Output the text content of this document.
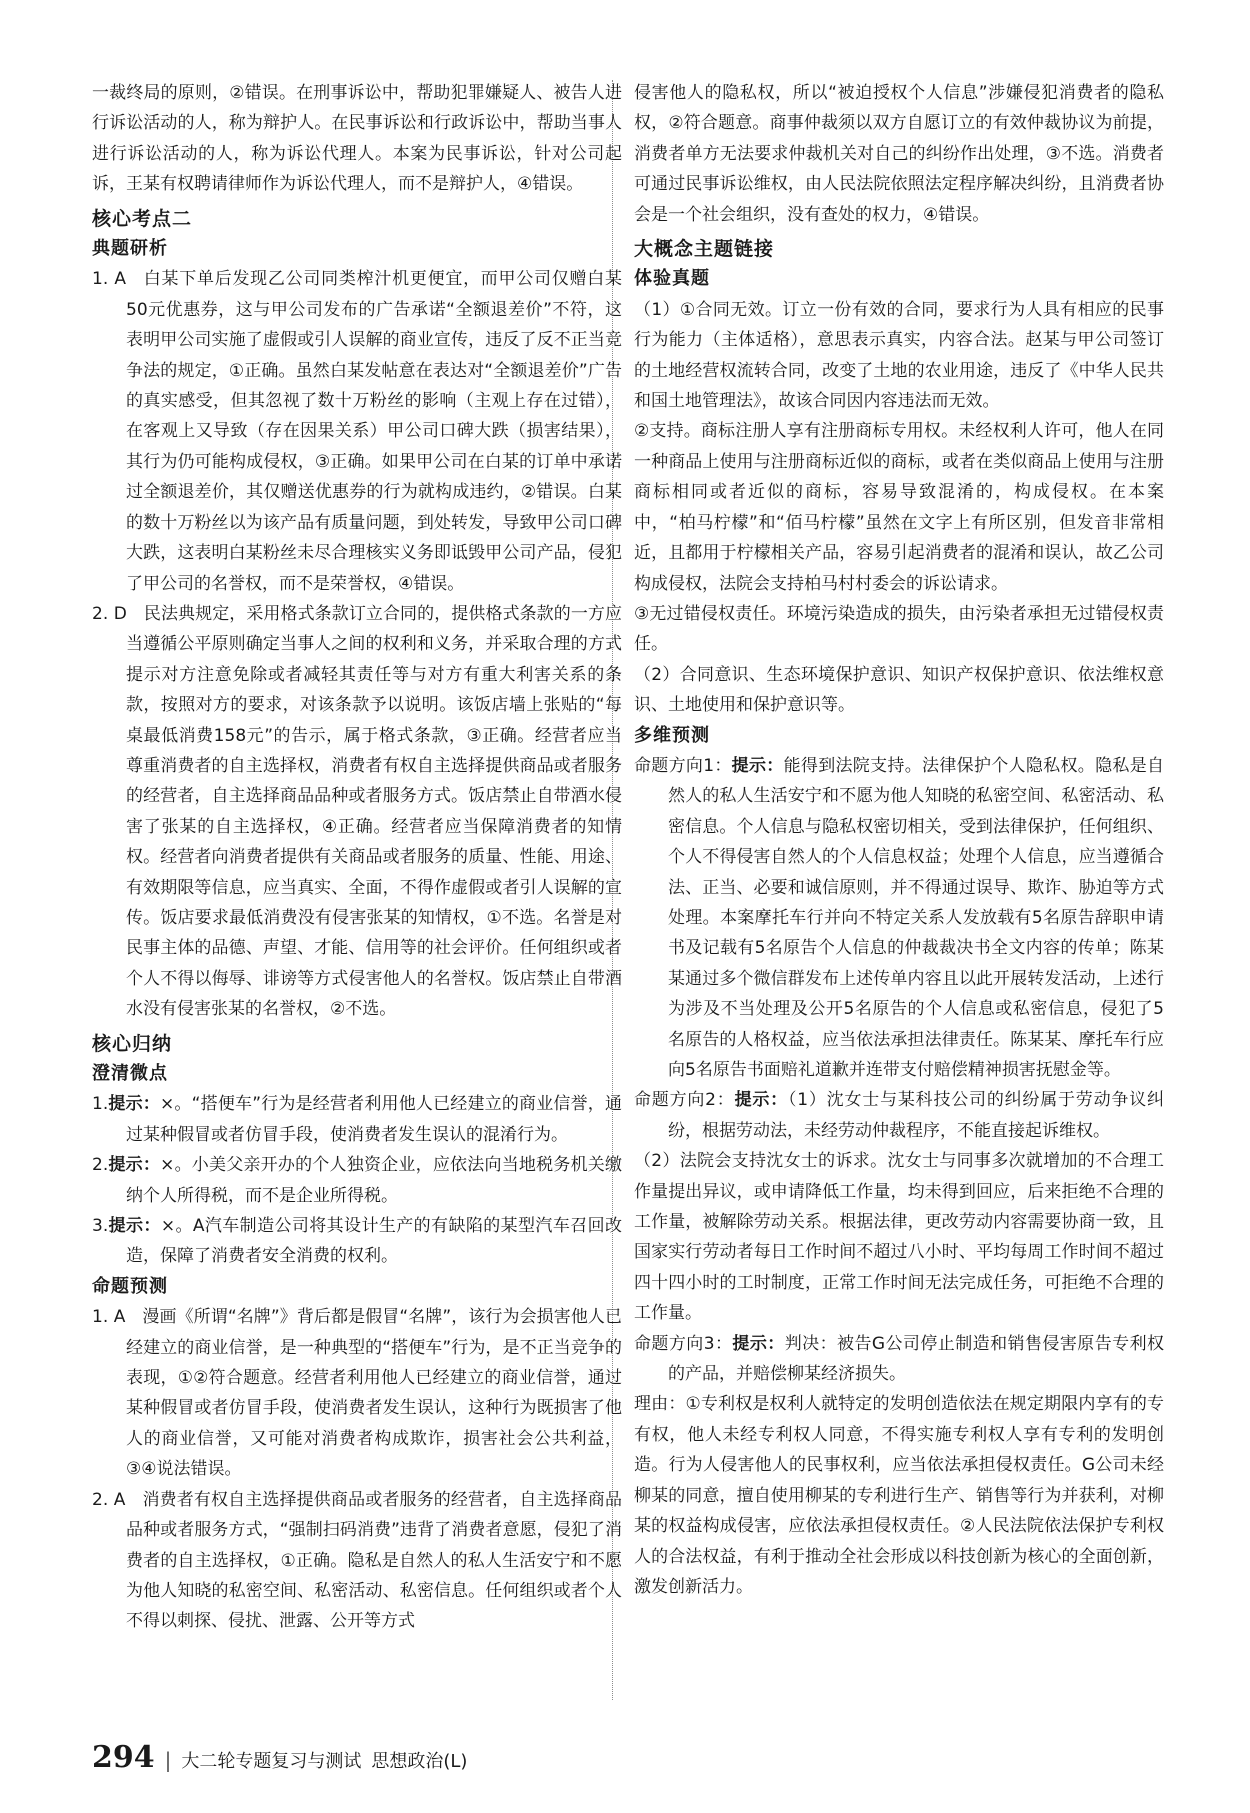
一裁终局的原则，②错误。在刑事诉讼中，帮助犯罪嫌疑人、被告人进行诉讼活动的人，称为辩护人。在民事诉讼和行政诉讼中，帮助当事人进行诉讼活动的人，称为诉讼代理人。本案为民事诉讼，针对公司起诉，王某有权聘请律师作为诉讼代理人，而不是辩护人，④错误。

核心考点二

典题研析

1. A  白某下单后发现乙公司同类榨汁机更便宜，而甲公司仅赠白某50元优惠券，这与甲公司发布的广告承诺“全额退差价”不符，这表明甲公司实施了虚假或引人误解的商业宣传，违反了反不正当竞争法的规定，①正确。虽然白某发帖意在表达对“全额退差价”广告的真实感受，但其忽视了数十万粉丝的影响（主观上存在过错），在客观上又导致（存在因果关系）甲公司口碑大跌（损害结果），其行为仍可能构成侵权，③正确。如果甲公司在白某的订单中承诺过全额退差价，其仅赠送优惠券的行为就构成违约，②错误。白某的数十万粉丝以为该产品有质量问题，到处转发，导致甲公司口碑大跌，这表明白某粉丝未尽合理核实义务即诋毁甲公司产品，侵犯了甲公司的名誉权，而不是荣誉权，④错误。

2. D  民法典规定，采用格式条款订立合同的，提供格式条款的一方应当遵循公平原则确定当事人之间的权利和义务，并采取合理的方式提示对方注意免除或者减轻其责任等与对方有重大利害关系的条款，按照对方的要求，对该条款予以说明。该饭店墙上张贴的“每桌最低消费158元”的告示，属于格式条款，③正确。经营者应当尊重消费者的自主选择权，消费者有权自主选择提供商品或者服务的经营者，自主选择商品品种或者服务方式。饭店禁止自带酒水侵害了张某的自主选择权，④正确。经营者应当保障消费者的知情权。经营者向消费者提供有关商品或者服务的质量、性能、用途、有效期限等信息，应当真实、全面，不得作虚假或者引人误解的宣传。饭店要求最低消费没有侵害张某的知情权，①不选。名誉是对民事主体的品德、声望、才能、信用等的社会评价。任何组织或者个人不得以侮辱、诽谤等方式侵害他人的名誉权。饭店禁止自带酒水没有侵害张某的名誉权，②不选。

核心归纳

澄清微点

1.提示：×。“搭便车”行为是经营者利用他人已经建立的商业信誉，通过某种假冒或者仿冒手段，使消费者发生误认的混淆行为。

2.提示：×。小美父亲开办的个人独资企业，应依法向当地税务机关缴纳个人所得税，而不是企业所得税。

3.提示：×。A汽车制造公司将其设计生产的有缺陷的某型汽车召回改造，保障了消费者安全消费的权利。

命题预测

1. A  漫画《所谓“名牌”》背后都是假冒“名牌”，该行为会损害他人已经建立的商业信誉，是一种典型的“搭便车”行为，是不正当竞争的表现，①②符合题意。经营者利用他人已经建立的商业信誉，通过某种假冒或者仿冒手段，使消费者发生误认，这种行为既损害了他人的商业信誉，又可能对消费者构成欺诈，损害社会公共利益，③④说法错误。

2. A  消费者有权自主选择提供商品或者服务的经营者，自主选择商品品种或者服务方式，“强制扫码消费”违背了消费者意愿，侵犯了消费者的自主选择权，①正确。隐私是自然人的私人生活安宁和不愿为他人知晓的私密空间、私密活动、私密信息。任何组织或者个人不得以刺探、侵扰、泄露、公开等方式

侵害他人的隐私权，所以“被迫授权个人信息”涉嫌侵犯消费者的隐私权，②符合题意。商事仲裁须以双方自愿订立的有效仲裁协议为前提，消费者单方无法要求仲裁机关对自己的纠纷作出处理，③不选。消费者可通过民事诉讼维权，由人民法院依照法定程序解决纠纷，且消费者协会是一个社会组织，没有查处的权力，④错误。

大概念主题链接

体验真题

（1）①合同无效。订立一份有效的合同，要求行为人具有相应的民事行为能力（主体适格），意思表示真实，内容合法。赵某与甲公司签订的土地经营权流转合同，改变了土地的农业用途，违反了《中华人民共和国土地管理法》，故该合同因内容违法而无效。

②支持。商标注册人享有注册商标专用权。未经权利人许可，他人在同一种商品上使用与注册商标近似的商标，或者在类似商品上使用与注册商标相同或者近似的商标，容易导致混淆的，构成侵权。在本案中，“柏马柠檬”和“佰马柠檬”虽然在文字上有所区别，但发音非常相近，且都用于柠檬相关产品，容易引起消费者的混淆和误认，故乙公司构成侵权，法院会支持柏马村村委会的诉讼请求。

③无过错侵权责任。环境污染造成的损失，由污染者承担无过错侵权责任。

（2）合同意识、生态环境保护意识、知识产权保护意识、依法维权意识、土地使用和保护意识等。

多维预测

命题方向1：提示：能得到法院支持。法律保护个人隐私权。隐私是自然人的私人生活安宁和不愿为他人知晓的私密空间、私密活动、私密信息。个人信息与隐私权密切相关，受到法律保护，任何组织、个人不得侵害自然人的个人信息权益；处理个人信息，应当遵循合法、正当、必要和诚信原则，并不得通过误导、欺诈、胁迫等方式处理。本案摩托车行并向不特定关系人发放载有5名原告辞职申请书及记载有5名原告个人信息的仲裁裁决书全文内容的传单；陈某某通过多个微信群发布上述传单内容且以此开展转发活动，上述行为涉及不当处理及公开5名原告的个人信息或私密信息，侵犯了5名原告的人格权益，应当依法承担法律责任。陈某某、摩托车行应向5名原告书面赔礼道歉并连带支付赔偿精神损害抚慰金等。

命题方向2：提示：（1）沈女士与某科技公司的纠纷属于劳动争议纠纷，根据劳动法，未经劳动仲裁程序，不能直接起诉维权。

（2）法院会支持沈女士的诉求。沈女士与同事多次就增加的不合理工作量提出异议，或申请降低工作量，均未得到回应，后来拒绝不合理的工作量，被解除劳动关系。根据法律，更改劳动内容需要协商一致，且国家实行劳动者每日工作时间不超过八小时、平均每周工作时间不超过四十四小时的工时制度，正常工作时间无法完成任务，可拒绝不合理的工作量。

命题方向3：提示：判决：被告G公司停止制造和销售侵害原告专利权的产品，并赔偿柳某经济损失。

理由：①专利权是权利人就特定的发明创造依法在规定期限内享有的专有权，他人未经专利权人同意，不得实施专利权人享有专利的发明创造。行为人侵害他人的民事权利，应当依法承担侵权责任。G公司未经柳某的同意，擅自使用柳某的专利进行生产、销售等行为并获利，对柳某的权益构成侵害，应依法承担侵权责任。②人民法院依法保护专利权人的合法权益，有利于推动全社会形成以科技创新为核心的全面创新，激发创新活力。

294 | 大二轮专题复习与测试 思想政治(L)
